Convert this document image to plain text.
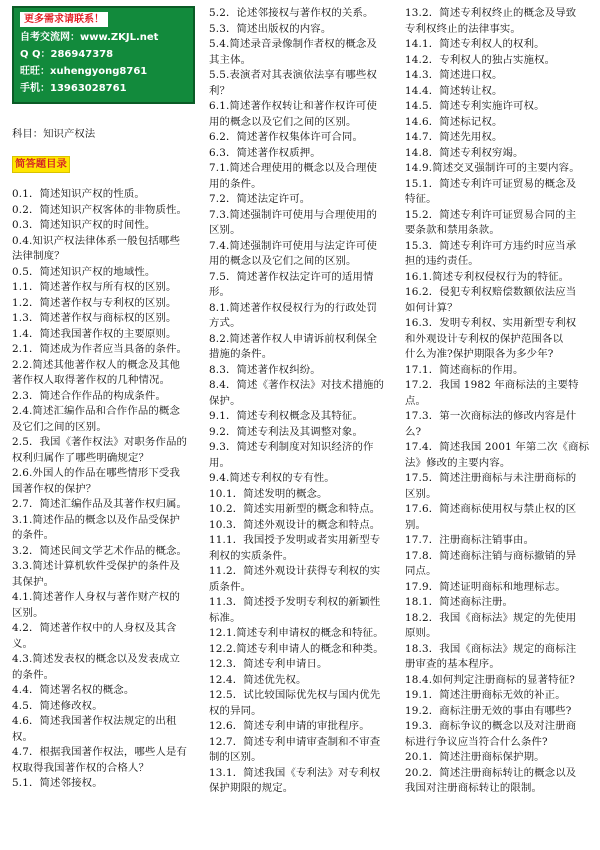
更多需求请联系！
自考交流网：www.ZKJL.net
Q Q：286947378
旺旺：xuhengyong8761
手机：13963028761
科目：知识产权法
简答题目录
0.1．简述知识产权的性质。
0.2．简述知识产权客体的非物质性。
0.3．简述知识产权的时间性。
0.4.知识产权法律体系一般包括哪些
法律制度？
0.5．简述知识产权的地域性。
1.1．简述著作权与所有权的区别。
1.2．简述著作权与专利权的区别。
1.3．简述著作权与商标权的区别。
1.4．简述我国著作权的主要原则。
2.1．简述成为作者应当具备的条件。
2.2.简述其他著作权人的概念及其他
著作权人取得著作权的几种情况。
2.3．简述合作作品的构成条件。
2.4.简述汇编作品和合作作品的概念
及它们之间的区别。
2.5．我国《著作权法》对职务作品的
权利归属作了哪些明确规定？
2.6.外国人的作品在哪些情形下受我
国著作权的保护？
2.7．简述汇编作品及其著作权归属。
3.1.简述作品的概念以及作品受保护
的条件。
3.2．简述民间文学艺术作品的概念。
3.3.简述计算机软件受保护的条件及
其保护。
4.1.简述著作人身权与著作财产权的
区别。
4.2．简述著作权中的人身权及其含
义。
4.3.简述发表权的概念以及发表成立
的条件。
4.4．简述署名权的概念。
4.5．简述修改权。
4.6．简述我国著作权法规定的出租
权。
4.7．根据我国著作权法，哪些人是有
权取得我国著作权的合格人？
5.1．简述邻接权。
5.2．论述邻接权与著作权的关系。
5.3．简述出版权的内容。
5.4.简述录音录像制作者权的概念及
其主体。
5.5.表演者对其表演依法享有哪些权
利？
6.1.简述著作权转让和著作权许可使
用的概念以及它们之间的区别。
6.2．简述著作权集体许可合同。
6.3．简述著作权质押。
7.1.简述合理使用的概念以及合理使
用的条件。
7.2．简述法定许可。
7.3.简述强制许可使用与合理使用的
区别。
7.4.简述强制许可使用与法定许可使
用的概念以及它们之间的区别。
7.5．简述著作权法定许可的适用情
形。
8.1.简述著作权侵权行为的行政处罚
方式。
8.2.简述著作权人申请诉前权利保全
措施的条件。
8.3．简述著作权纠纷。
8.4．简述《著作权法》对技术措施的
保护。
9.1．简述专利权概念及其特征。
9.2．简述专利法及其调整对象。
9.3．简述专利制度对知识经济的作
用。
9.4.简述专利权的专有性。
10.1．简述发明的概念。
10.2．简述实用新型的概念和特点。
10.3．简述外观设计的概念和特点。
11.1．我国授予发明或者实用新型专
利权的实质条件。
11.2．简述外观设计获得专利权的实
质条件。
11.3．简述授予发明专利权的新颖性
标准。
12.1.简述专利申请权的概念和特征。
12.2.简述专利申请人的概念和种类。
12.3．简述专利申请日。
12.4．简述优先权。
12.5．试比较国际优先权与国内优先
权的异同。
12.6．简述专利申请的审批程序。
12.7．简述专利申请审查制和不审查
制的区别。
13.1．简述我国《专利法》对专利权
保护期限的规定。
13.2．简述专利权终止的概念及导致
专利权终止的法律事实。
14.1．简述专利权人的权利。
14.2．专利权人的独占实施权。
14.3．简述进口权。
14.4．简述转让权。
14.5．简述专利实施许可权。
14.6．简述标记权。
14.7．简述先用权。
14.8．简述专利权穷竭。
14.9.简述交叉强制许可的主要内容。
15.1．简述专利许可证贸易的概念及
特征。
15.2．简述专利许可证贸易合同的主
要条款和禁用条款。
15.3．简述专利许可方违约时应当承
担的违约责任。
16.1.简述专利权侵权行为的特征。
16.2．侵犯专利权赔偿数额依法应当
如何计算？
16.3．发明专利权、实用新型专利权
和外观设计专利权的保护范围各以
什么为准?保护期限各为多少年?
17.1．简述商标的作用。
17.2．我国 1982 年商标法的主要特
点。
17.3．第一次商标法的修改内容是什
么?
17.4．简述我国 2001 年第二次《商标
法》修改的主要内容。
17.5．简述注册商标与未注册商标的
区别。
17.6．简述商标使用权与禁止权的区
别。
17.7．注册商标注销事由。
17.8．简述商标注销与商标撤销的异
同点。
17.9．简述证明商标和地理标志。
18.1．简述商标注册。
18.2．我国《商标法》规定的先使用
原则。
18.3．我国《商标法》规定的商标注
册审查的基本程序。
18.4.如何判定注册商标的显著特征?
19.1．简述注册商标无效的补正。
19.2．商标注册无效的事由有哪些?
19.3．商标争议的概念以及对注册商
标进行争议应当符合什么条件?
20.1．简述注册商标保护期。
20.2．简述注册商标转让的概念以及
我国对注册商标转让的限制。
